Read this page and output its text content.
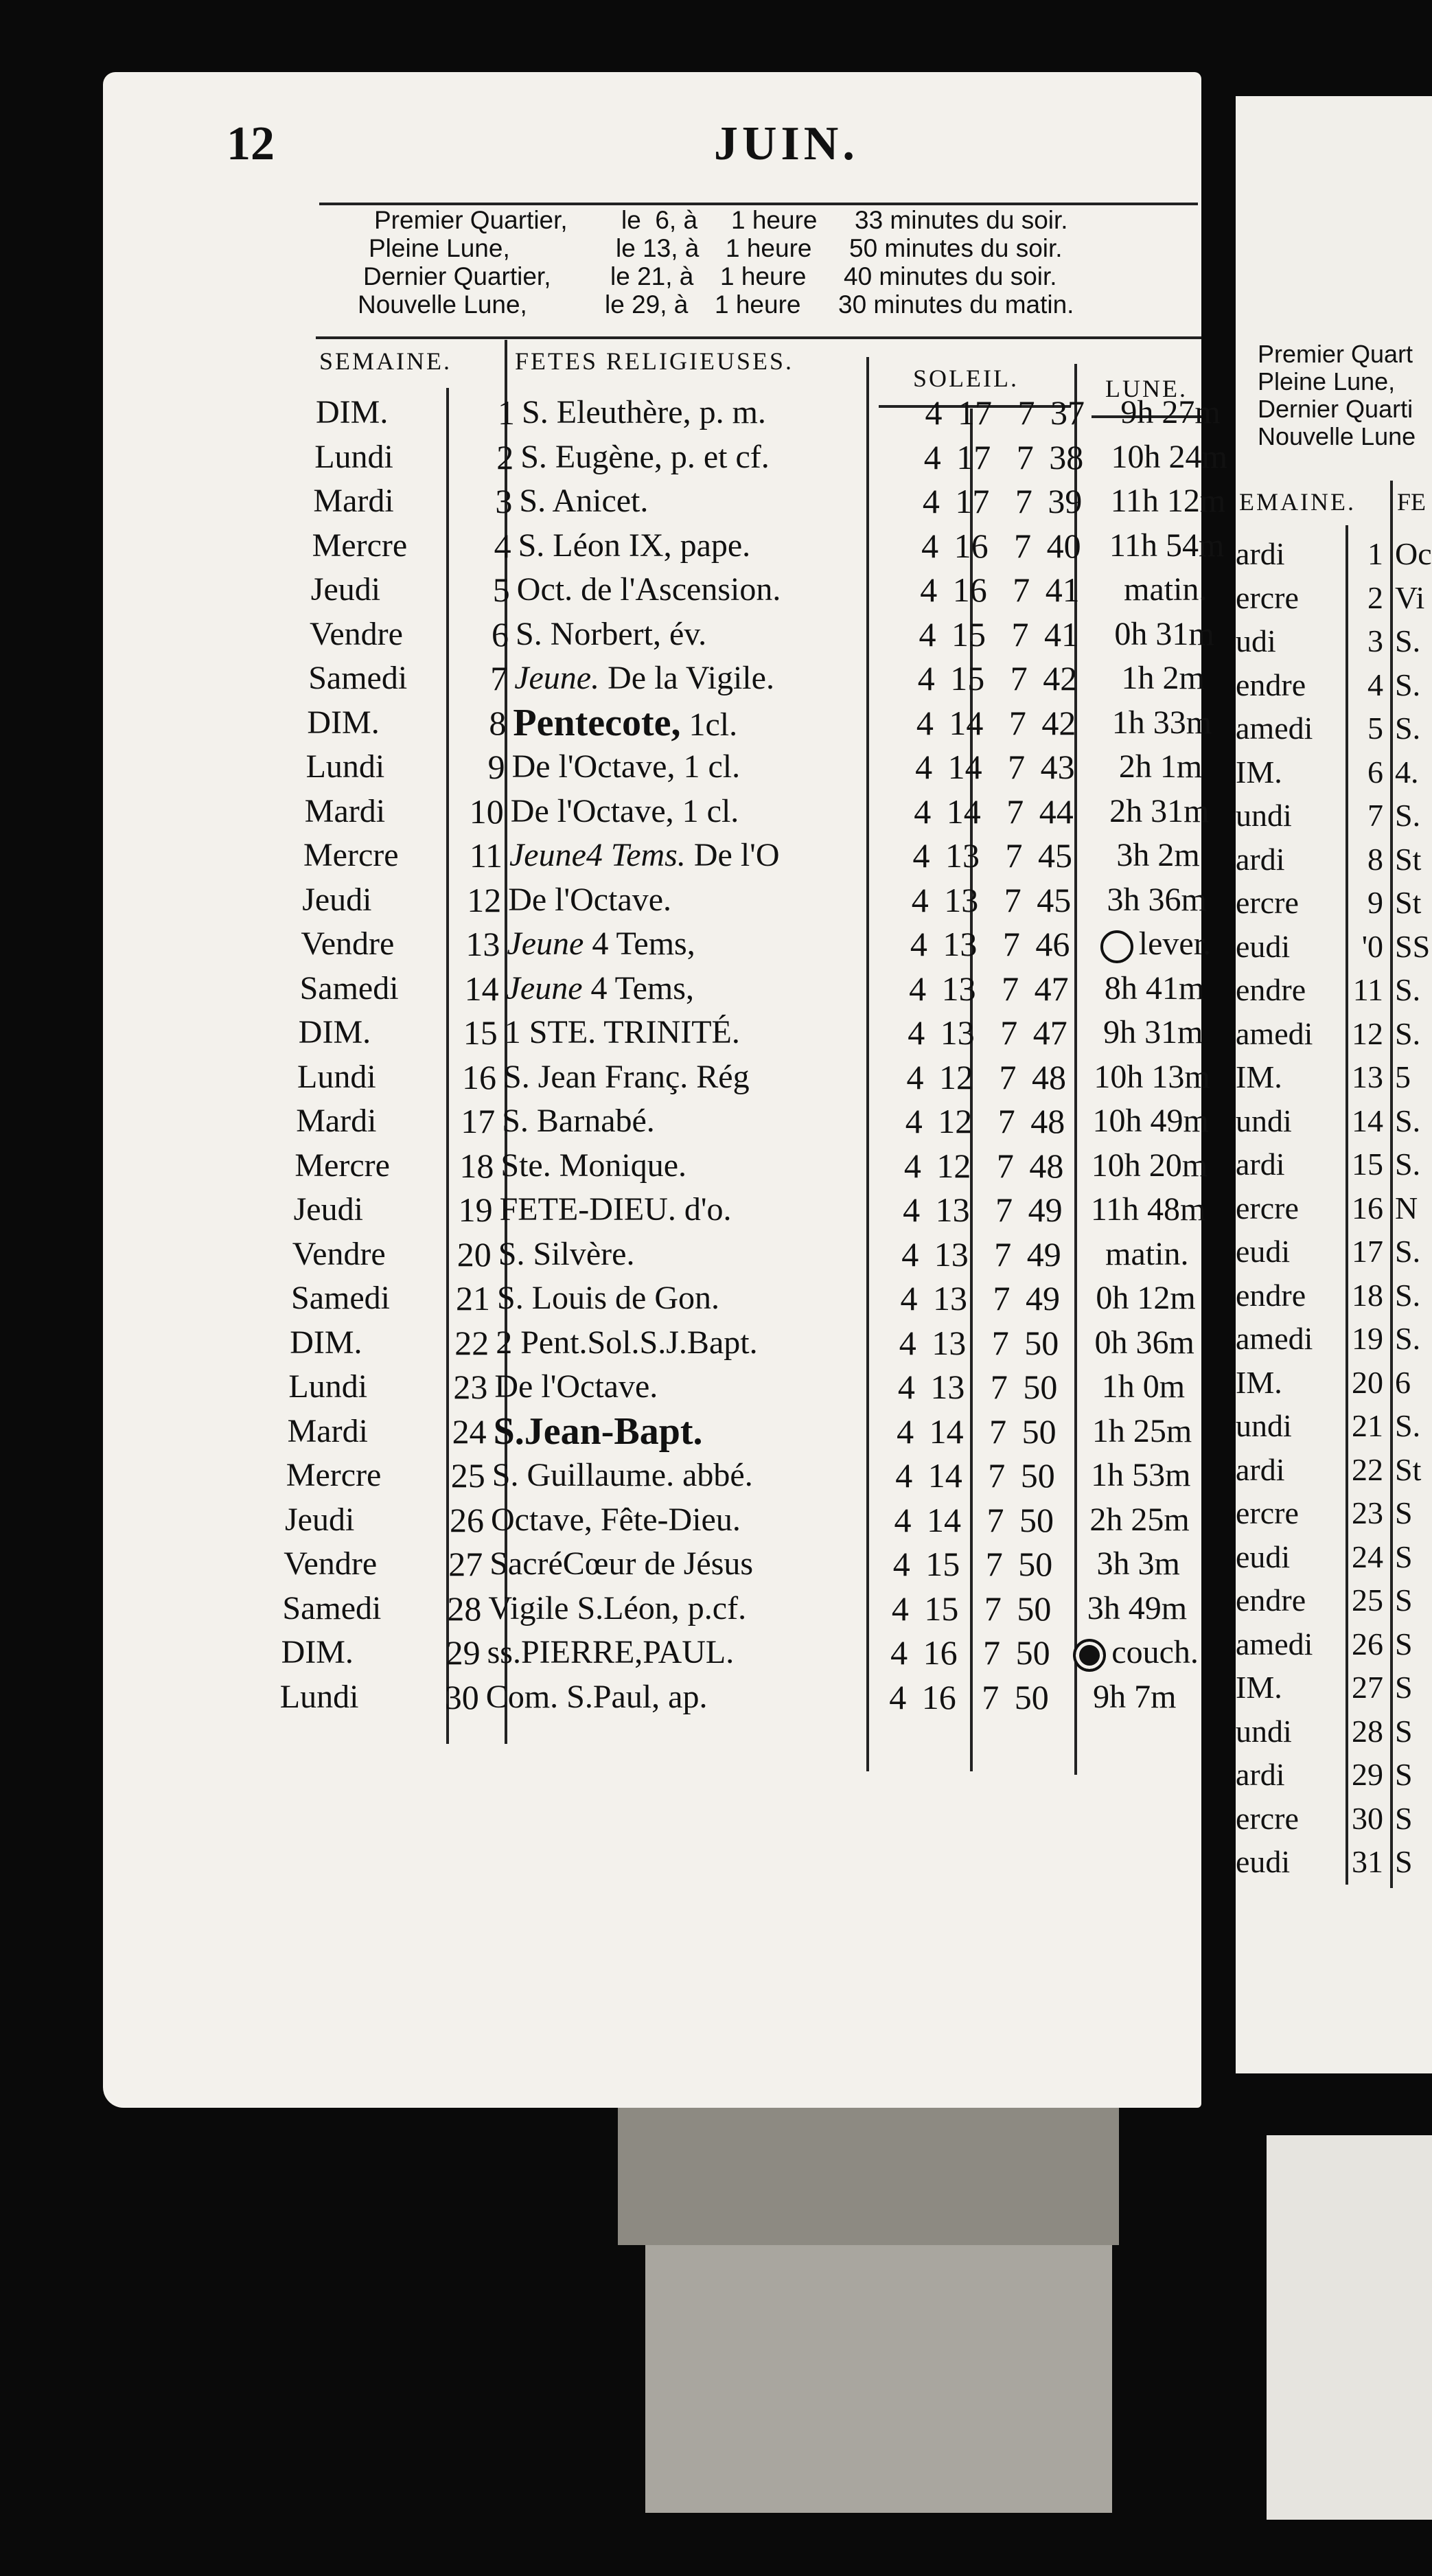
12	JUIN.
Premier Quartier, le  6, à 1 heure 33 minutes du soir.
Pleine Lune,	le 13, à 1 heure 50 minutes du soir.
Dernier Quartier, le 21, à 1 heure 40 minutes du soir.
Nouvelle Lune,	le 29, à 1 heure 30 minutes du matin.
SEMAINE.	FETES RELIGIEUSES.
SOLEIL.	LUNE.
DIM.	1 S. Eleuthère, p. m.	4 17 7 37	9h 27m
Lundi	2 S. Eugène, p. et cf.	4 17 7 38 10h 24m
Mardi	3 S. Anicet.	4 17 7 39 11h 12m
Mercre	4 S. Léon IX, pape.	4 16 7 40 11h 54m
Jeudi	5 Oct. de l'Ascension.	4 16 7 41	matin.
Vendre	6 S. Norbert, év.	4 15 7 41	0h 31m
Samedi	7 Jeune. De la Vigile.	4 15 7 42	1h 2m
DIM.	8 Pentecote, 1cl.	4 14 7 42	1h 33m
Lundi	9 De l'Octave, 1 cl.	4 14 7 43	2h 1m
Mardi	10 De l'Octave, 1 cl.	4 14 7 44	2h 31m
Mercre	11 Jeune4 Tems. De l'O	4 13 7 45	3h 2m
Jeudi	12 De l'Octave.	4 13 7 45	3h 36m
Vendre	13 Jeune 4 Tems,	4 13 7 46	lever.
Samedi	14 Jeune 4 Tems,	4 13 7 47	8h 41m
DIM.	15 1 STE. TRINITÉ.	4 13 7 47	9h 31m
Lundi	16 S. Jean Franç. Rég	4 12 7 48 10h 13m
Mardi	17 S. Barnabé.	4 12 7 48 10h 49m
Mercre	18 Ste. Monique.	4 12 7 48 10h 20m
Jeudi	19 FETE-DIEU. d'o.	4 13 7 49 11h 48m
Vendre	20 S. Silvère.	4 13 7 49	matin.
Samedi	21 S. Louis de Gon.	4 13 7 49	0h 12m
DIM.	22 2 Pent.Sol.S.J.Bapt.	4 13 7 50	0h 36m
Lundi	23 De l'Octave.	4 13 7 50	1h 0m
Mardi	24 S.Jean-Bapt.	4 14 7 50	1h 25m
Mercre	25 S. Guillaume. abbé.	4 14 7 50	1h 53m
Jeudi	26 Octave, Fête-Dieu.	4 14 7 50	2h 25m
Vendre	27 SacréCœur de Jésus	4 15 7 50	3h 3m
Samedi	28 Vigile S.Léon, p.cf.	4 15 7 50	3h 49m
DIM.	29 ss.PIERRE,PAUL.	4 16 7 50	couch.
Lundi	30 Com. S.Paul, ap.	4 16 7 50	9h 7m
Premier Quart
Pleine Lune,
Dernier Quarti
Nouvelle Lune
EMAINE. FE
ardi	1 Oc
ercre	2 Vi
udi	3 S.
endre	4 S.
amedi	5 S.
IM.	6 4.
undi	7 S.
ardi	8 St
ercre	9 St
eudi	'0 SS
endre	11 S.
amedi	12 S.
IM.	13 5
undi	14 S.
ardi	15 S.
ercre	16 N
eudi	17 S.
endre	18 S.
amedi	19 S.
IM.	20 6
undi	21 S.
ardi	22 St
ercre	23 S
eudi	24 S
endre	25 S
amedi	26 S
IM.	27 S
undi	28 S
ardi	29 S
ercre	30 S
eudi	31 S
